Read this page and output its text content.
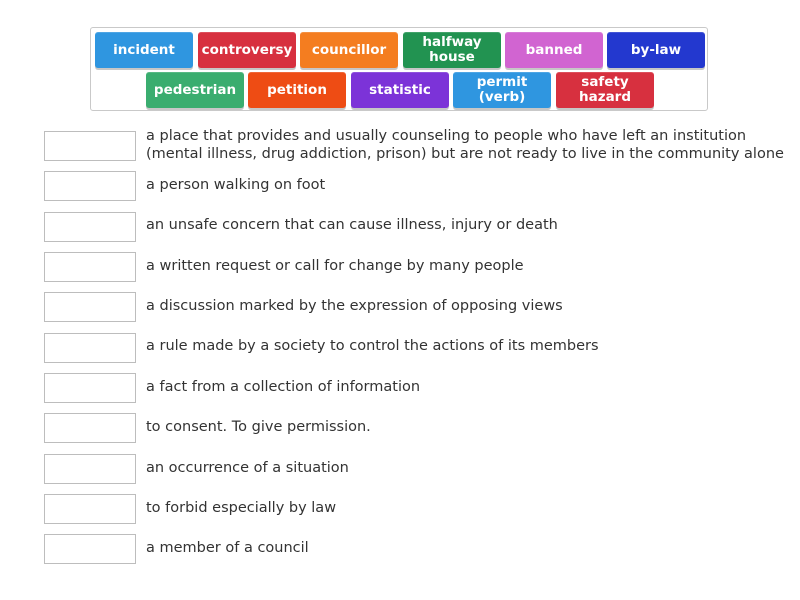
incident	controversy	councillor	halfway
house	banned	by-law
pedestrian	petition	statistic	permit (verb)
safety hazard
a place that provides and usually counseling to people who have left an institution (mental illness, drug addiction, prison) but are not ready to live in the community alone
a person walking on foot
an unsafe concern that can cause illness, injury or death
a written request or call for change by many people
a discussion marked by the expression of opposing views
a rule made by a society to control the actions of its members
a fact from a collection of information
to consent. To give permission.
an occurrence of a situation
to forbid especially by law
a member of a council
